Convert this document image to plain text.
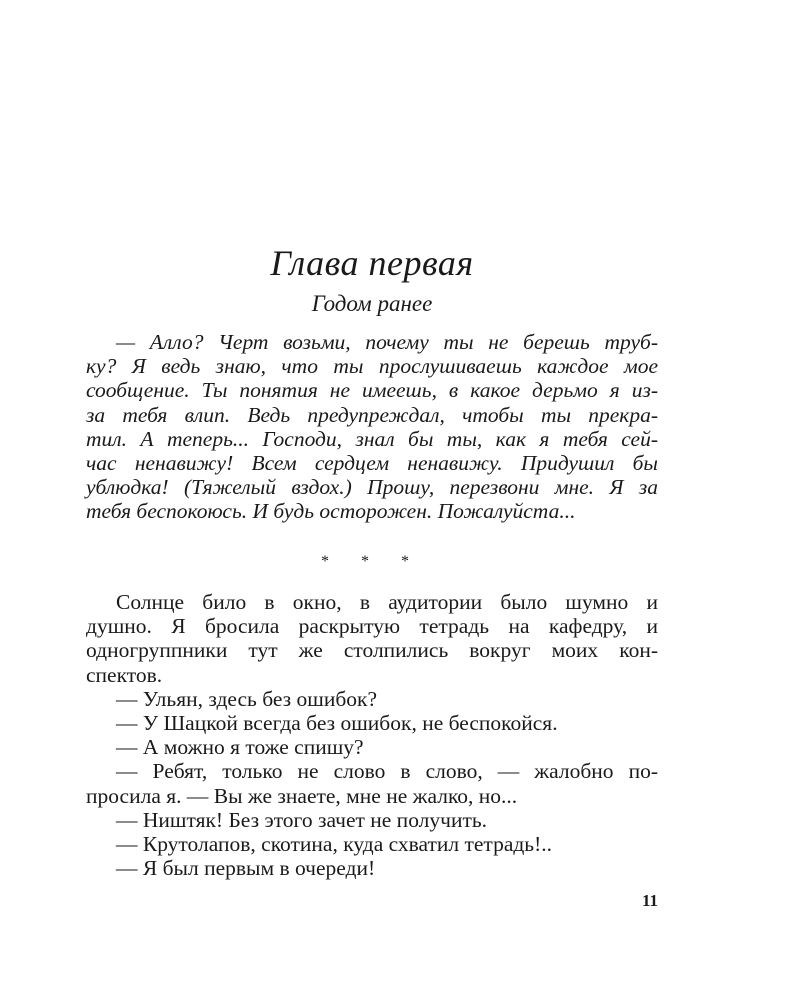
Глава первая
Годом ранее
— Алло? Черт возьми, почему ты не берешь труб-
ку? Я ведь знаю, что ты прослушиваешь каждое мое
сообщение. Ты понятия не имеешь, в какое дерьмо я из-
за тебя влип. Ведь предупреждал, чтобы ты прекра-
тил. А теперь... Господи, знал бы ты, как я тебя сей-
час ненавижу! Всем сердцем ненавижу. Придушил бы
ублюдка! (Тяжелый вздох.) Прошу, перезвони мне. Я за
тебя беспокоюсь. И будь осторожен. Пожалуйста...
* * *
Солнце било в окно, в аудитории было шумно и
душно. Я бросила раскрытую тетрадь на кафедру, и
одногруппники тут же столпились вокруг моих кон-
спектов.
— Ульян, здесь без ошибок?
— У Шацкой всегда без ошибок, не беспокойся.
— А можно я тоже спишу?
— Ребят, только не слово в слово, — жалобно по-
просила я. — Вы же знаете, мне не жалко, но...
— Ништяк! Без этого зачет не получить.
— Крутолапов, скотина, куда схватил тетрадь!..
— Я был первым в очереди!
11
